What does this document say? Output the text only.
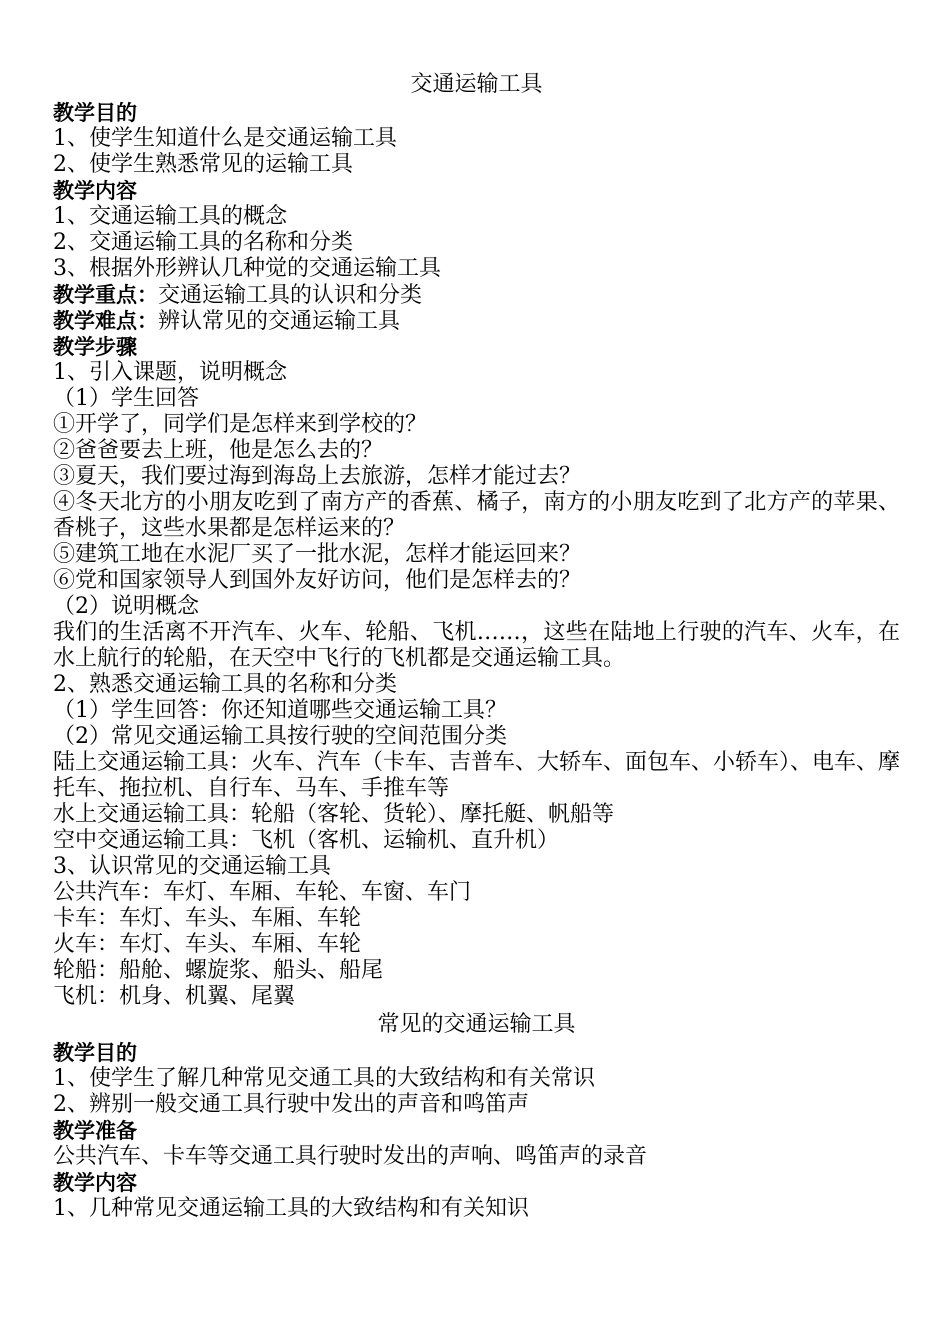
交通运输工具
教学目的
1、使学生知道什么是交通运输工具
2、使学生熟悉常见的运输工具
教学内容
1、交通运输工具的概念
2、交通运输工具的名称和分类
3、根据外形辨认几种觉的交通运输工具
教学重点：交通运输工具的认识和分类
教学难点：辨认常见的交通运输工具
教学步骤
1、引入课题，说明概念
（1）学生回答
①开学了，同学们是怎样来到学校的？
②爸爸要去上班，他是怎么去的？
③夏天，我们要过海到海岛上去旅游，怎样才能过去？
④冬天北方的小朋友吃到了南方产的香蕉、橘子，南方的小朋友吃到了北方产的苹果、香桃子，这些水果都是怎样运来的？
⑤建筑工地在水泥厂买了一批水泥，怎样才能运回来？
⑥党和国家领导人到国外友好访问，他们是怎样去的？
（2）说明概念
我们的生活离不开汽车、火车、轮船、飞机……，这些在陆地上行驶的汽车、火车，在水上航行的轮船，在天空中飞行的飞机都是交通运输工具。
2、熟悉交通运输工具的名称和分类
（1）学生回答：你还知道哪些交通运输工具？
（2）常见交通运输工具按行驶的空间范围分类
陆上交通运输工具：火车、汽车（卡车、吉普车、大轿车、面包车、小轿车）、电车、摩托车、拖拉机、自行车、马车、手推车等
水上交通运输工具：轮船（客轮、货轮）、摩托艇、帆船等
空中交通运输工具：飞机（客机、运输机、直升机）
3、认识常见的交通运输工具
公共汽车：车灯、车厢、车轮、车窗、车门
卡车：车灯、车头、车厢、车轮
火车：车灯、车头、车厢、车轮
轮船：船舱、螺旋浆、船头、船尾
飞机：机身、机翼、尾翼
常见的交通运输工具
教学目的
1、使学生了解几种常见交通工具的大致结构和有关常识
2、辨别一般交通工具行驶中发出的声音和鸣笛声
教学准备
公共汽车、卡车等交通工具行驶时发出的声响、鸣笛声的录音
教学内容
1、几种常见交通运输工具的大致结构和有关知识
